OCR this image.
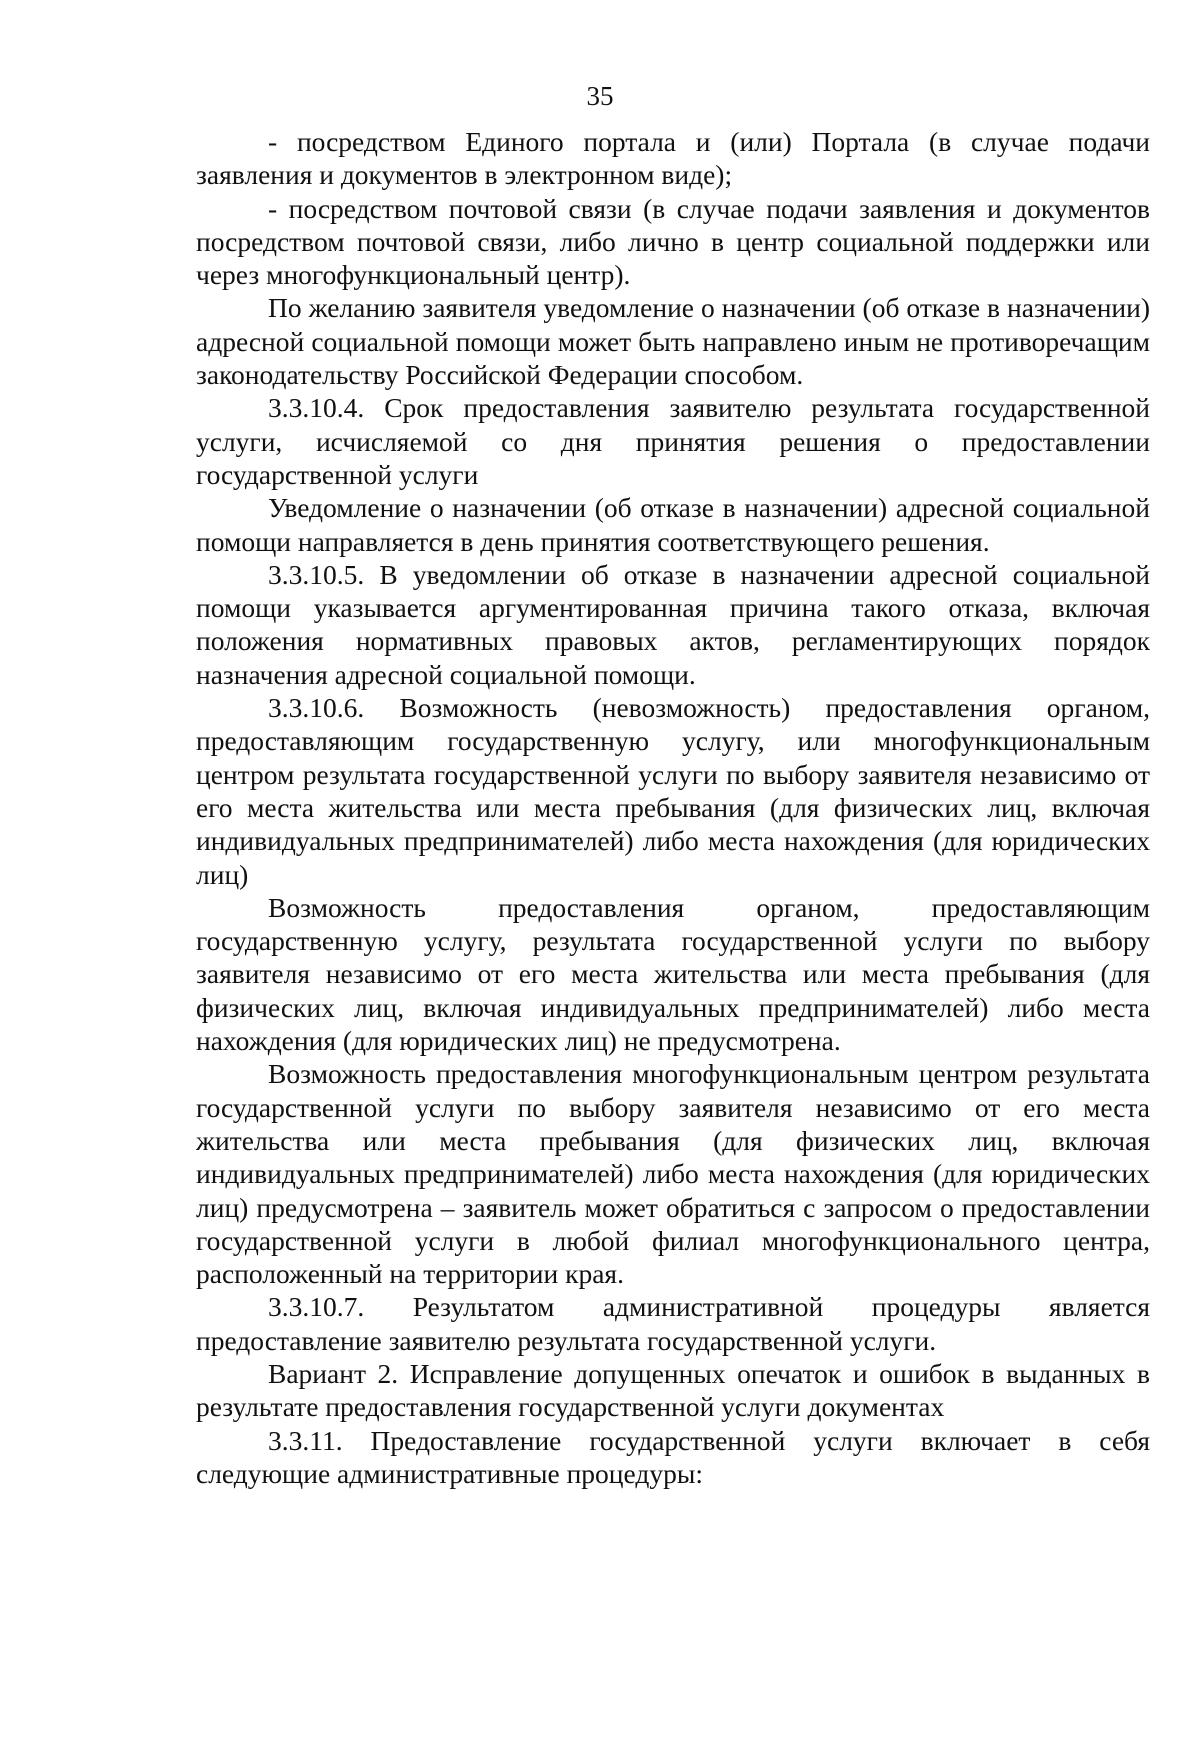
35

- посредством Единого портала и (или) Портала (в случае подачи заявления и документов в электронном виде);

- посредством почтовой связи (в случае подачи заявления и документов посредством почтовой связи, либо лично в центр социальной поддержки или через многофункциональный центр).

По желанию заявителя уведомление о назначении (об отказе в назначении) адресной социальной помощи может быть направлено иным не противоречащим законодательству Российской Федерации способом.

3.3.10.4. Срок предоставления заявителю результата государственной услуги, исчисляемой со дня принятия решения о предоставлении государственной услуги

Уведомление о назначении (об отказе в назначении) адресной социальной помощи направляется в день принятия соответствующего решения.

3.3.10.5. В уведомлении об отказе в назначении адресной социальной помощи указывается аргументированная причина такого отказа, включая положения нормативных правовых актов, регламентирующих порядок назначения адресной социальной помощи.

3.3.10.6. Возможность (невозможность) предоставления органом, предоставляющим государственную услугу, или многофункциональным центром результата государственной услуги по выбору заявителя независимо от его места жительства или места пребывания (для физических лиц, включая индивидуальных предпринимателей) либо места нахождения (для юридических лиц)

Возможность предоставления органом, предоставляющим государственную услугу, результата государственной услуги по выбору заявителя независимо от его места жительства или места пребывания (для физических лиц, включая индивидуальных предпринимателей) либо места нахождения (для юридических лиц) не предусмотрена.

Возможность предоставления многофункциональным центром результата государственной услуги по выбору заявителя независимо от его места жительства или места пребывания (для физических лиц, включая индивидуальных предпринимателей) либо места нахождения (для юридических лиц) предусмотрена – заявитель может обратиться с запросом о предоставлении государственной услуги в любой филиал многофункционального центра, расположенный на территории края.

3.3.10.7. Результатом административной процедуры является предоставление заявителю результата государственной услуги.

Вариант 2. Исправление допущенных опечаток и ошибок в выданных в результате предоставления государственной услуги документах

3.3.11. Предоставление государственной услуги включает в себя следующие административные процедуры:
